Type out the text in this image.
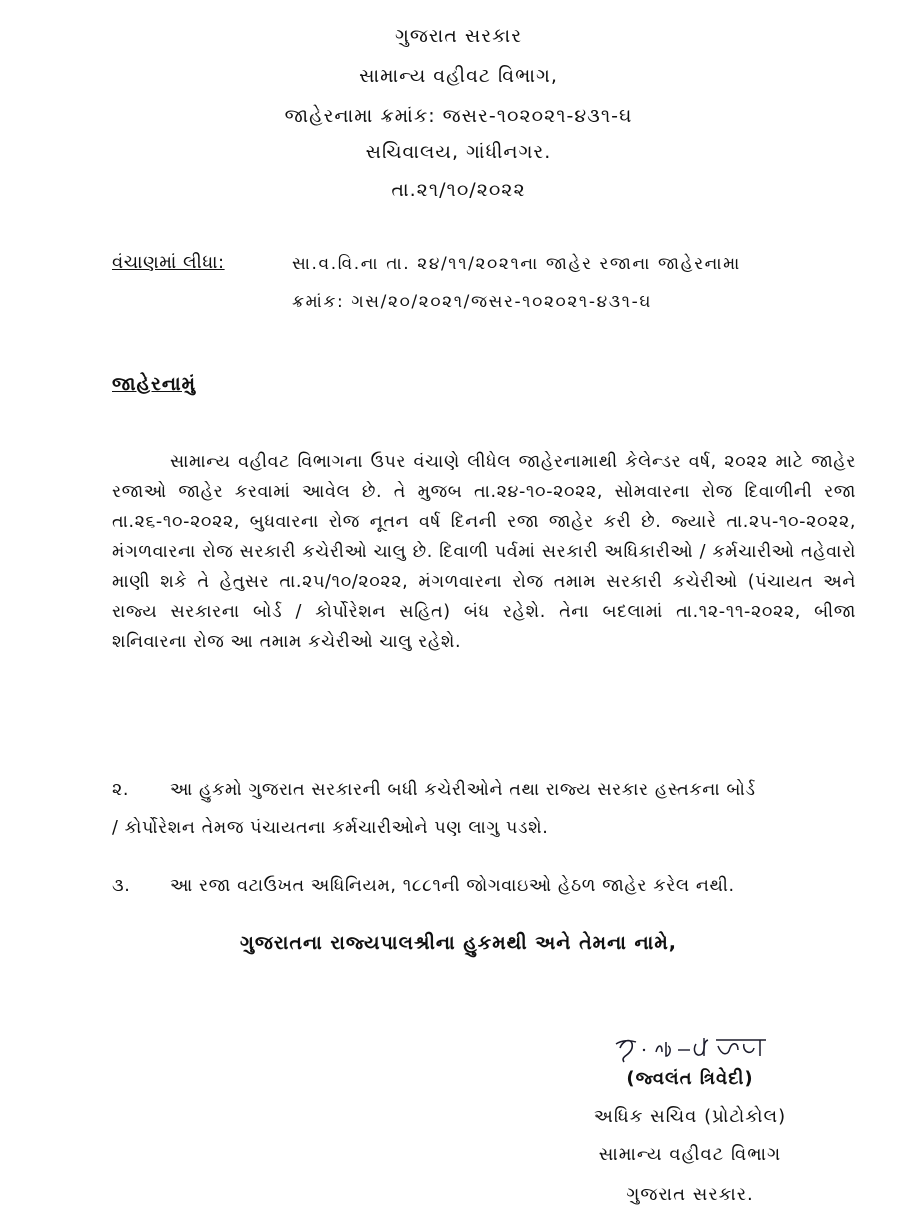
ગુજરાત સરકાર
સામાન્ય વહીવટ વિભાગ,
જાહેરનામા ક્રમાંક: જસર-૧૦૨૦૨૧-૪૩૧-ઘ
સચિવાલય, ગાંધીનગર.
તા.૨૧/૧૦/૨૦૨૨
વંચાણમાં લીધા:	સા.વ.વિ.ના તા. ૨૪/૧૧/૨૦૨૧ના જાહેર રજાના જાહેરનામા
ક્રમાંક: ગસ/૨૦/૨૦૨૧/જસર-૧૦૨૦૨૧-૪૩૧-ઘ
જાહેરનામું
સામાન્ય વહીવટ વિભાગના ઉપર વંચાણે લીધેલ જાહેરનામાથી કેલેન્ડર વર્ષ, ૨૦૨૨ માટે જાહેર રજાઓ જાહેર કરવામાં આવેલ છે. તે મુજબ તા.૨૪-૧૦-૨૦૨૨, સોમવારના રોજ દિવાળીની રજા તા.૨૬-૧૦-૨૦૨૨, બુધવારના રોજ નૂતન વર્ષ દિનની રજા જાહેર કરી છે. જ્યારે તા.૨૫-૧૦-૨૦૨૨, મંગળવારના રોજ સરકારી કચેરીઓ ચાલુ છે. દિવાળી પર્વમાં સરકારી અધિકારીઓ / કર્મચારીઓ તહેવારો માણી શકે તે હેતુસર તા.૨૫/૧૦/૨૦૨૨, મંગળવારના રોજ તમામ સરકારી કચેરીઓ (પંચાયત અને રાજ્ય સરકારના બોર્ડ / કોર્પોરેશન સહિત) બંધ રહેશે. તેના બદલામાં તા.૧૨-૧૧-૨૦૨૨, બીજા શનિવારના રોજ આ તમામ કચેરીઓ ચાલુ રહેશે.
૨. આ હુકમો ગુજરાત સરકારની બધી કચેરીઓને તથા રાજ્ય સરકાર હસ્તકના બોર્ડ
/ કોર્પોરેશન તેમજ પંચાયતના કર્મચારીઓને પણ લાગુ પડશે.
૩. આ રજા વટાઉખત અધિનિયમ, ૧૮૮૧ની જોગવાઇઓ હેઠળ જાહેર કરેલ નથી.
ગુજરાતના રાજ્યપાલશ્રીના હુકમથી અને તેમના નામે,
(જ્વલંત ત્રિવેદી)
અધિક સચિવ (પ્રોટોકોલ)
સામાન્ય વહીવટ વિભાગ
ગુજરાત સરકાર.
